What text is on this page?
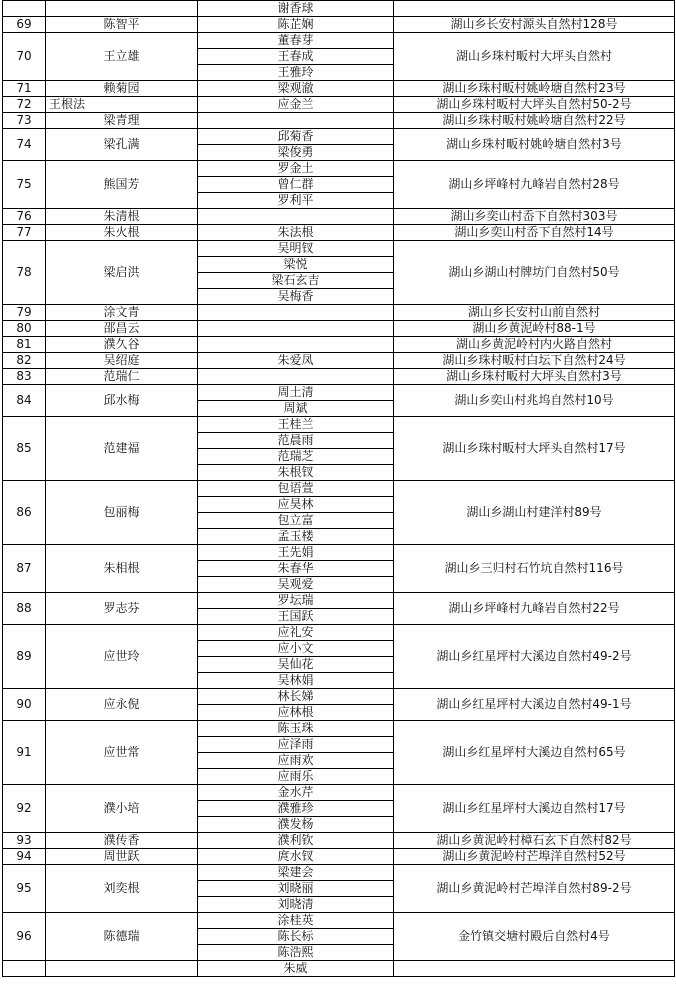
		谢香球	
69	陈智平	陈芷娴	湖山乡长安村源头自然村128号
70	王立雄	董春芽	湖山乡珠村畈村大坪头自然村
		王春成	
		王雅玲	
71	赖菊园	梁观澈	湖山乡珠村畈村姚岭塘自然村23号
72	王根法	应金兰	湖山乡珠村畈村大坪头自然村50-2号
73	梁青理		湖山乡珠村畈村姚岭塘自然村22号
74	梁孔满	邱菊香	湖山乡珠村畈村姚岭塘自然村3号
		梁俊勇	
75	熊国芳	罗金土	湖山乡坪峰村九峰岩自然村28号
		曾仁群	
		罗利平	
76	朱清根		湖山乡奕山村岙下自然村303号
77	朱火根	朱法根	湖山乡奕山村岙下自然村14号
78	梁启洪	吴明钗	湖山乡湖山村牌坊门自然村50号
		梁悦	
		梁石玄吉	
		吴梅香	
79	涂文青		湖山乡长安村山前自然村
80	邵昌云		湖山乡黄泥岭村88-1号
81	濮久谷		湖山乡黄泥岭村内火路自然村
82	吴绍庭	朱爱凤	湖山乡珠村畈村白坛下自然村24号
83	范瑞仁		湖山乡珠村畈村大坪头自然村3号
84	邱水梅	周土清	湖山乡奕山村兆坞自然村10号
		周斌	
85	范建福	王桂兰	湖山乡珠村畈村大坪头自然村17号
		范晨雨	
		范瑞芝	
		朱根钗	
86	包丽梅	包语萱	湖山乡湖山村建洋村89号
		应昊林	
		包立富	
		孟玉楼	
87	朱相根	王先娟	湖山乡三归村石竹坑自然村116号
		朱春华	
		吴观爱	
88	罗志芬	罗坛瑞	湖山乡坪峰村九峰岩自然村22号
		王国跃	
89	应世玲	应礼安	湖山乡红星坪村大溪边自然村49-2号
		应小文	
		吴仙花	
		吴林娟	
90	应永倪	林长娣	湖山乡红星坪村大溪边自然村49-1号
		应林根	
91	应世常	陈玉珠	湖山乡红星坪村大溪边自然村65号
		应泽雨	
		应雨欢	
		应雨乐	
92	濮小培	金水芹	湖山乡红星坪村大溪边自然村17号
		濮雅珍	
		濮发杨	
93	濮传香	濮利钦	湖山乡黄泥岭村樟石玄下自然村82号
94	周世跃	庹水钗	湖山乡黄泥岭村芒埠洋自然村52号
95	刘奕根	梁建会	湖山乡黄泥岭村芒埠洋自然村89-2号
		刘晓丽	
		刘晓清	
96	陈德瑞	涂桂英	金竹镇交塘村殿后自然村4号
		陈长标	
		陈浩熙	
		朱威	
